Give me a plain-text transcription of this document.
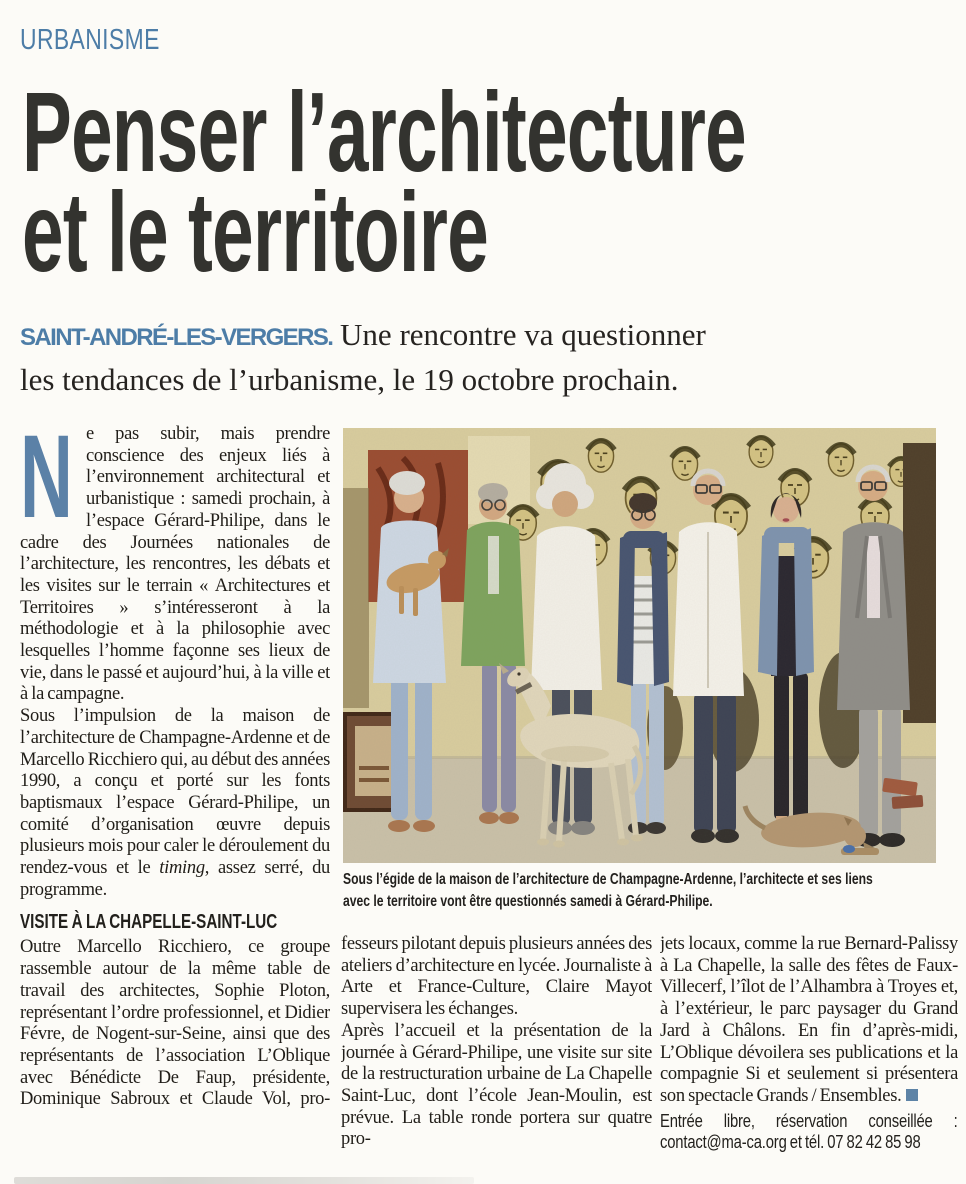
URBANISME
Penser l’architecture
et le territoire
SAINT-ANDRÉ-LES-VERGERS. Une rencontre va questionner
les tendances de l’urbanisme, le 19 octobre prochain.

N e pas subir, mais prendre conscience des enjeux liés à l’environnement architectural et urbanistique : samedi prochain, à l’espace Gérard-Philipe, dans le cadre des Journées nationales de l’architecture, les rencontres, les débats et les visites sur le terrain « Architectures et Territoires » s’intéresseront à la méthodologie et à la philosophie avec lesquelles l’homme façonne ses lieux de vie, dans le passé et aujourd’hui, à la ville et à la campagne.

Sous l’impulsion de la maison de l’architecture de Champagne-Ardenne et de Marcello Ricchiero qui, au début des années 1990, a conçu et porté sur les fonts baptismaux l’espace Gérard-Philipe, un comité d’organisation œuvre depuis plusieurs mois pour caler le déroulement du rendez-vous et le timing, assez serré, du programme.

VISITE À LA CHAPELLE-SAINT-LUC

Outre Marcello Ricchiero, ce groupe rassemble autour de la même table de travail des architectes, Sophie Ploton, représentant l’ordre professionnel, et Didier Févre, de Nogent-sur-Seine, ainsi que des représentants de l’association L’Oblique avec Bénédicte De Faup, présidente, Dominique Sabroux et Claude Vol, pro-

fesseurs pilotant depuis plusieurs années des ateliers d’architecture en lycée. Journaliste à Arte et France-Culture, Claire Mayot supervisera les échanges.

Après l’accueil et la présentation de la journée à Gérard-Philipe, une visite sur site de la restructuration urbaine de La Chapelle Saint-Luc, dont l’école Jean-Moulin, est prévue. La table ronde portera sur quatre pro-

jets locaux, comme la rue Bernard-Palissy à La Chapelle, la salle des fêtes de Faux-Villecerf, l’îlot de l’Alhambra à Troyes et, à l’extérieur, le parc paysager du Grand Jard à Châlons. En fin d’après-midi, L’Oblique dévoilera ses publications et la compagnie Si et seulement si présentera son spectacle Grands / Ensembles.

Entrée libre, réservation conseillée :
contact@ma-ca.org et tél. 07 82 42 85 98
Sous l’égide de la maison de l’architecture de Champagne-Ardenne, l’architecte et ses liens
avec le territoire vont être questionnés samedi à Gérard-Philipe.
